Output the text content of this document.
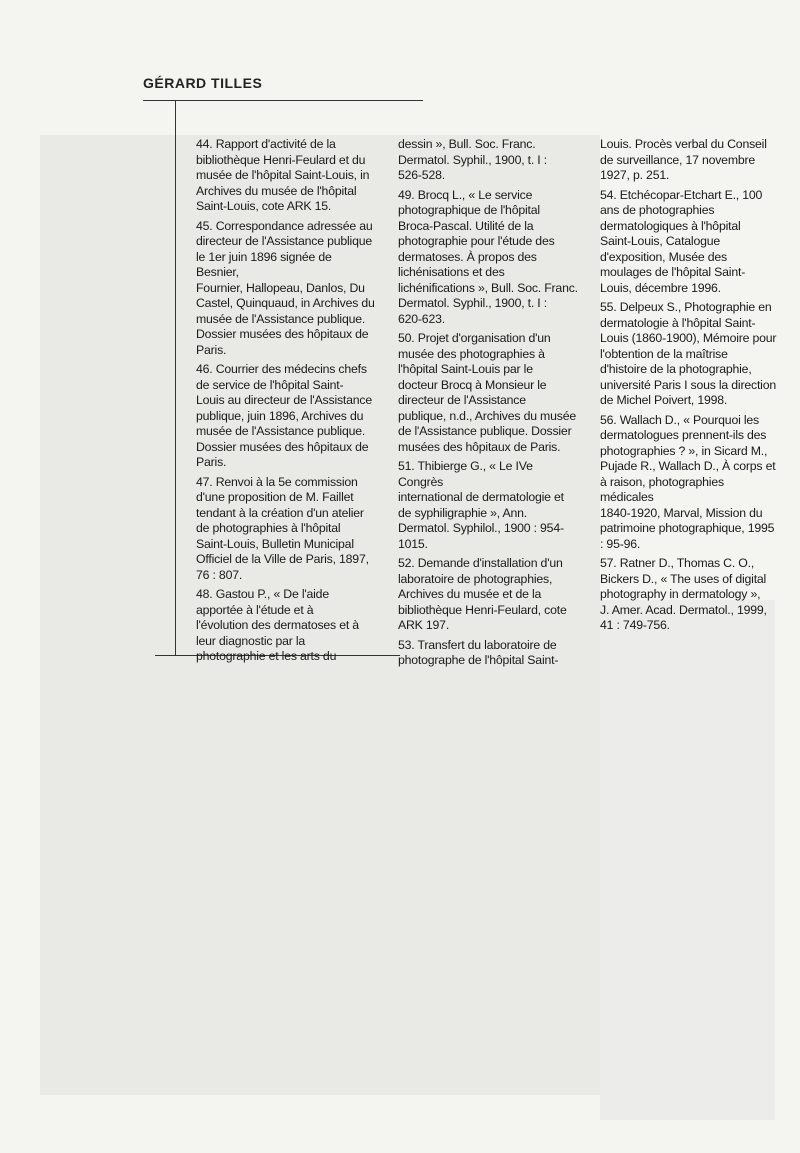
GÉRARD TILLES

44. Rapport d'activité de la
bibliothèque Henri-Feulard et du
musée de l'hôpital Saint-Louis, in
Archives du musée de l'hôpital
Saint-Louis, cote ARK 15.

45. Correspondance adressée au
directeur de l'Assistance publique
le 1er juin 1896 signée de Besnier,
Fournier, Hallopeau, Danlos, Du
Castel, Quinquaud, in Archives du
musée de l'Assistance publique.
Dossier musées des hôpitaux de
Paris.

46. Courrier des médecins chefs
de service de l'hôpital Saint-
Louis au directeur de l'Assistance
publique, juin 1896, Archives du
musée de l'Assistance publique.
Dossier musées des hôpitaux de
Paris.

47. Renvoi à la 5e commission
d'une proposition de M. Faillet
tendant à la création d'un atelier
de photographies à l'hôpital
Saint-Louis, Bulletin Municipal
Officiel de la Ville de Paris, 1897,
76 : 807.

48. Gastou P., « De l'aide
apportée à l'étude et à
l'évolution des dermatoses et à
leur diagnostic par la
photographie et les arts du

dessin », Bull. Soc. Franc.
Dermatol. Syphil., 1900, t. I :
526-528.

49. Brocq L., « Le service
photographique de l'hôpital
Broca-Pascal. Utilité de la
photographie pour l'étude des
dermatoses. À propos des
lichénisations et des
lichénifications », Bull. Soc. Franc.
Dermatol. Syphil., 1900, t. I :
620-623.

50. Projet d'organisation d'un
musée des photographies à
l'hôpital Saint-Louis par le
docteur Brocq à Monsieur le
directeur de l'Assistance
publique, n.d., Archives du musée
de l'Assistance publique. Dossier
musées des hôpitaux de Paris.

51. Thibierge G., « Le IVe Congrès
international de dermatologie et
de syphiligraphie », Ann.
Dermatol. Syphilol., 1900 : 954-
1015.

52. Demande d'installation d'un
laboratoire de photographies,
Archives du musée et de la
bibliothèque Henri-Feulard, cote
ARK 197.

53. Transfert du laboratoire de
photographe de l'hôpital Saint-

Louis. Procès verbal du Conseil
de surveillance, 17 novembre
1927, p. 251.

54. Etchécopar-Etchart E., 100
ans de photographies
dermatologiques à l'hôpital
Saint-Louis, Catalogue
d'exposition, Musée des
moulages de l'hôpital Saint-
Louis, décembre 1996.

55. Delpeux S., Photographie en
dermatologie à l'hôpital Saint-
Louis (1860-1900), Mémoire pour
l'obtention de la maîtrise
d'histoire de la photographie,
université Paris I sous la direction
de Michel Poivert, 1998.

56. Wallach D., « Pourquoi les
dermatologues prennent-ils des
photographies ? », in Sicard M.,
Pujade R., Wallach D., À corps et
à raison, photographies médicales
1840-1920, Marval, Mission du
patrimoine photographique, 1995
: 95-96.

57. Ratner D., Thomas C. O.,
Bickers D., « The uses of digital
photography in dermatology »,
J. Amer. Acad. Dermatol., 1999,
41 : 749-756.
